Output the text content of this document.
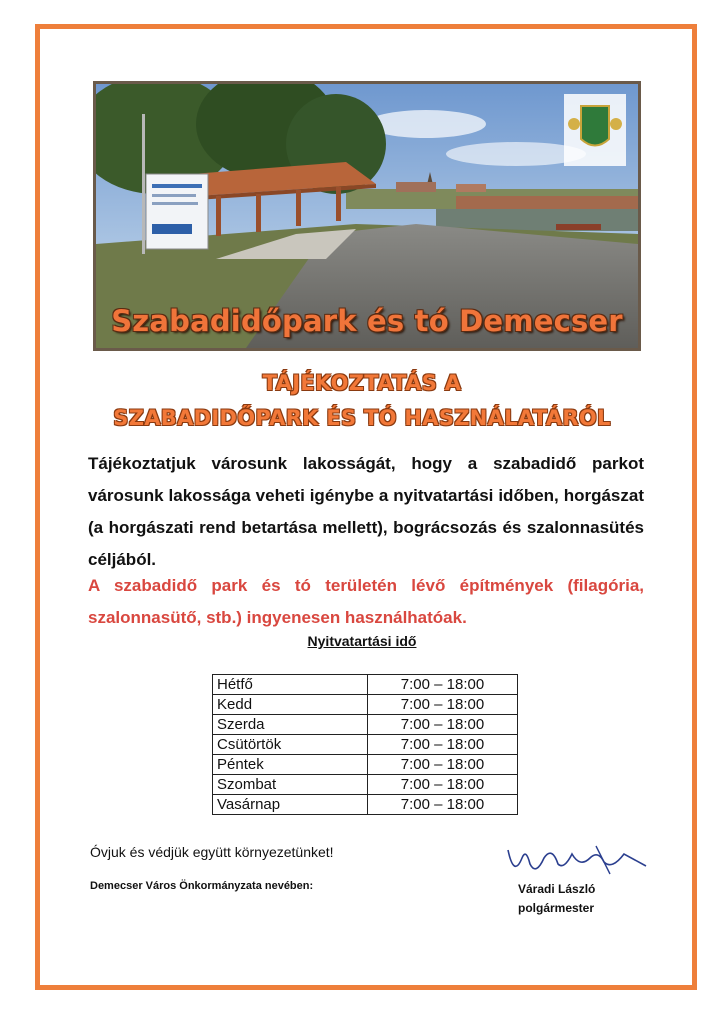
Szabadidőpark és tó Demecser
TÁJÉKOZTATÁS A
SZABADIDŐPARK ÉS TÓ HASZNÁLATÁRÓL
Tájékoztatjuk városunk lakosságát, hogy a szabadidő parkot
városunk lakossága veheti igénybe a nyitvatartási időben, horgászat
(a horgászati rend betartása mellett), bográcsozás és szalonnasütés
céljából.
A szabadidő park és tó területén lévő építmények (filagória,
szalonnasütő, stb.) ingyenesen használhatóak.
Nyitvatartási idő
Hétfő	7:00 – 18:00
Kedd	7:00 – 18:00
Szerda	7:00 – 18:00
Csütörtök	7:00 – 18:00
Péntek	7:00 – 18:00
Szombat	7:00 – 18:00
Vasárnap	7:00 – 18:00
Óvjuk és védjük együtt környezetünket!
Demecser Város Önkormányzata nevében:	Váradi László
polgármester
